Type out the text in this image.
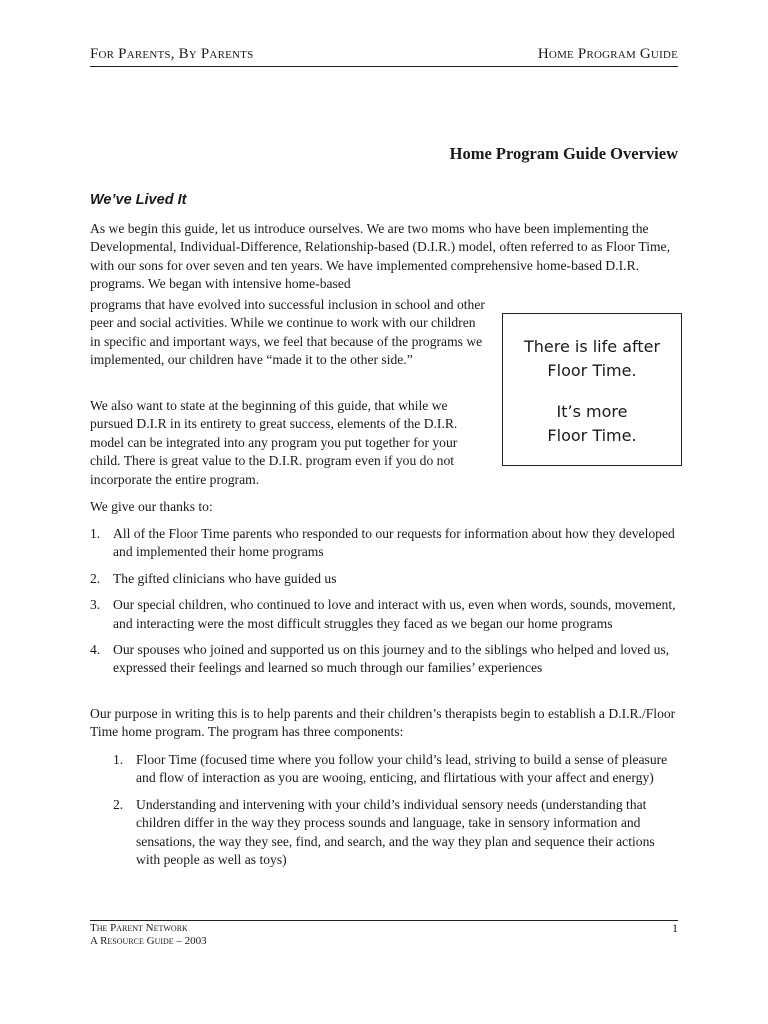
For Parents, By Parents	Home Program Guide
Home Program Guide Overview
We’ve Lived It

As we begin this guide, let us introduce ourselves. We are two moms who have been implementing the Developmental, Individual-Difference, Relationship-based (D.I.R.) model, often referred to as Floor Time, with our sons for over seven and ten years. We have implemented comprehensive home-based D.I.R. programs. We began with intensive home-based

programs that have evolved into successful inclusion in school and other peer and social activities. While we continue to work with our children in specific and important ways, we feel that because of the programs we implemented, our children have “made it to the other side.”

We also want to state at the beginning of this guide, that while we pursued D.I.R in its entirety to great success, elements of the D.I.R. model can be integrated into any program you put together for your child. There is great value to the D.I.R. program even if you do not incorporate the entire program.

There is life after
Floor Time.
It’s more
Floor Time.

We give our thanks to:

1. All of the Floor Time parents who responded to our requests for information about how they developed and implemented their home programs
2. The gifted clinicians who have guided us
3. Our special children, who continued to love and interact with us, even when words, sounds, movement, and interacting were the most difficult struggles they faced as we began our home programs
4. Our spouses who joined and supported us on this journey and to the siblings who helped and loved us, expressed their feelings and learned so much through our families’ experiences

Our purpose in writing this is to help parents and their children’s therapists begin to establish a D.I.R./Floor Time home program. The program has three components:

1. Floor Time (focused time where you follow your child’s lead, striving to build a sense of pleasure and flow of interaction as you are wooing, enticing, and flirtatious with your affect and energy)
2. Understanding and intervening with your child’s individual sensory needs (understanding that children differ in the way they process sounds and language, take in sensory information and sensations, the way they see, find, and search, and the way they plan and sequence their actions with people as well as toys)
The Parent Network
A Resource Guide – 2003
1
